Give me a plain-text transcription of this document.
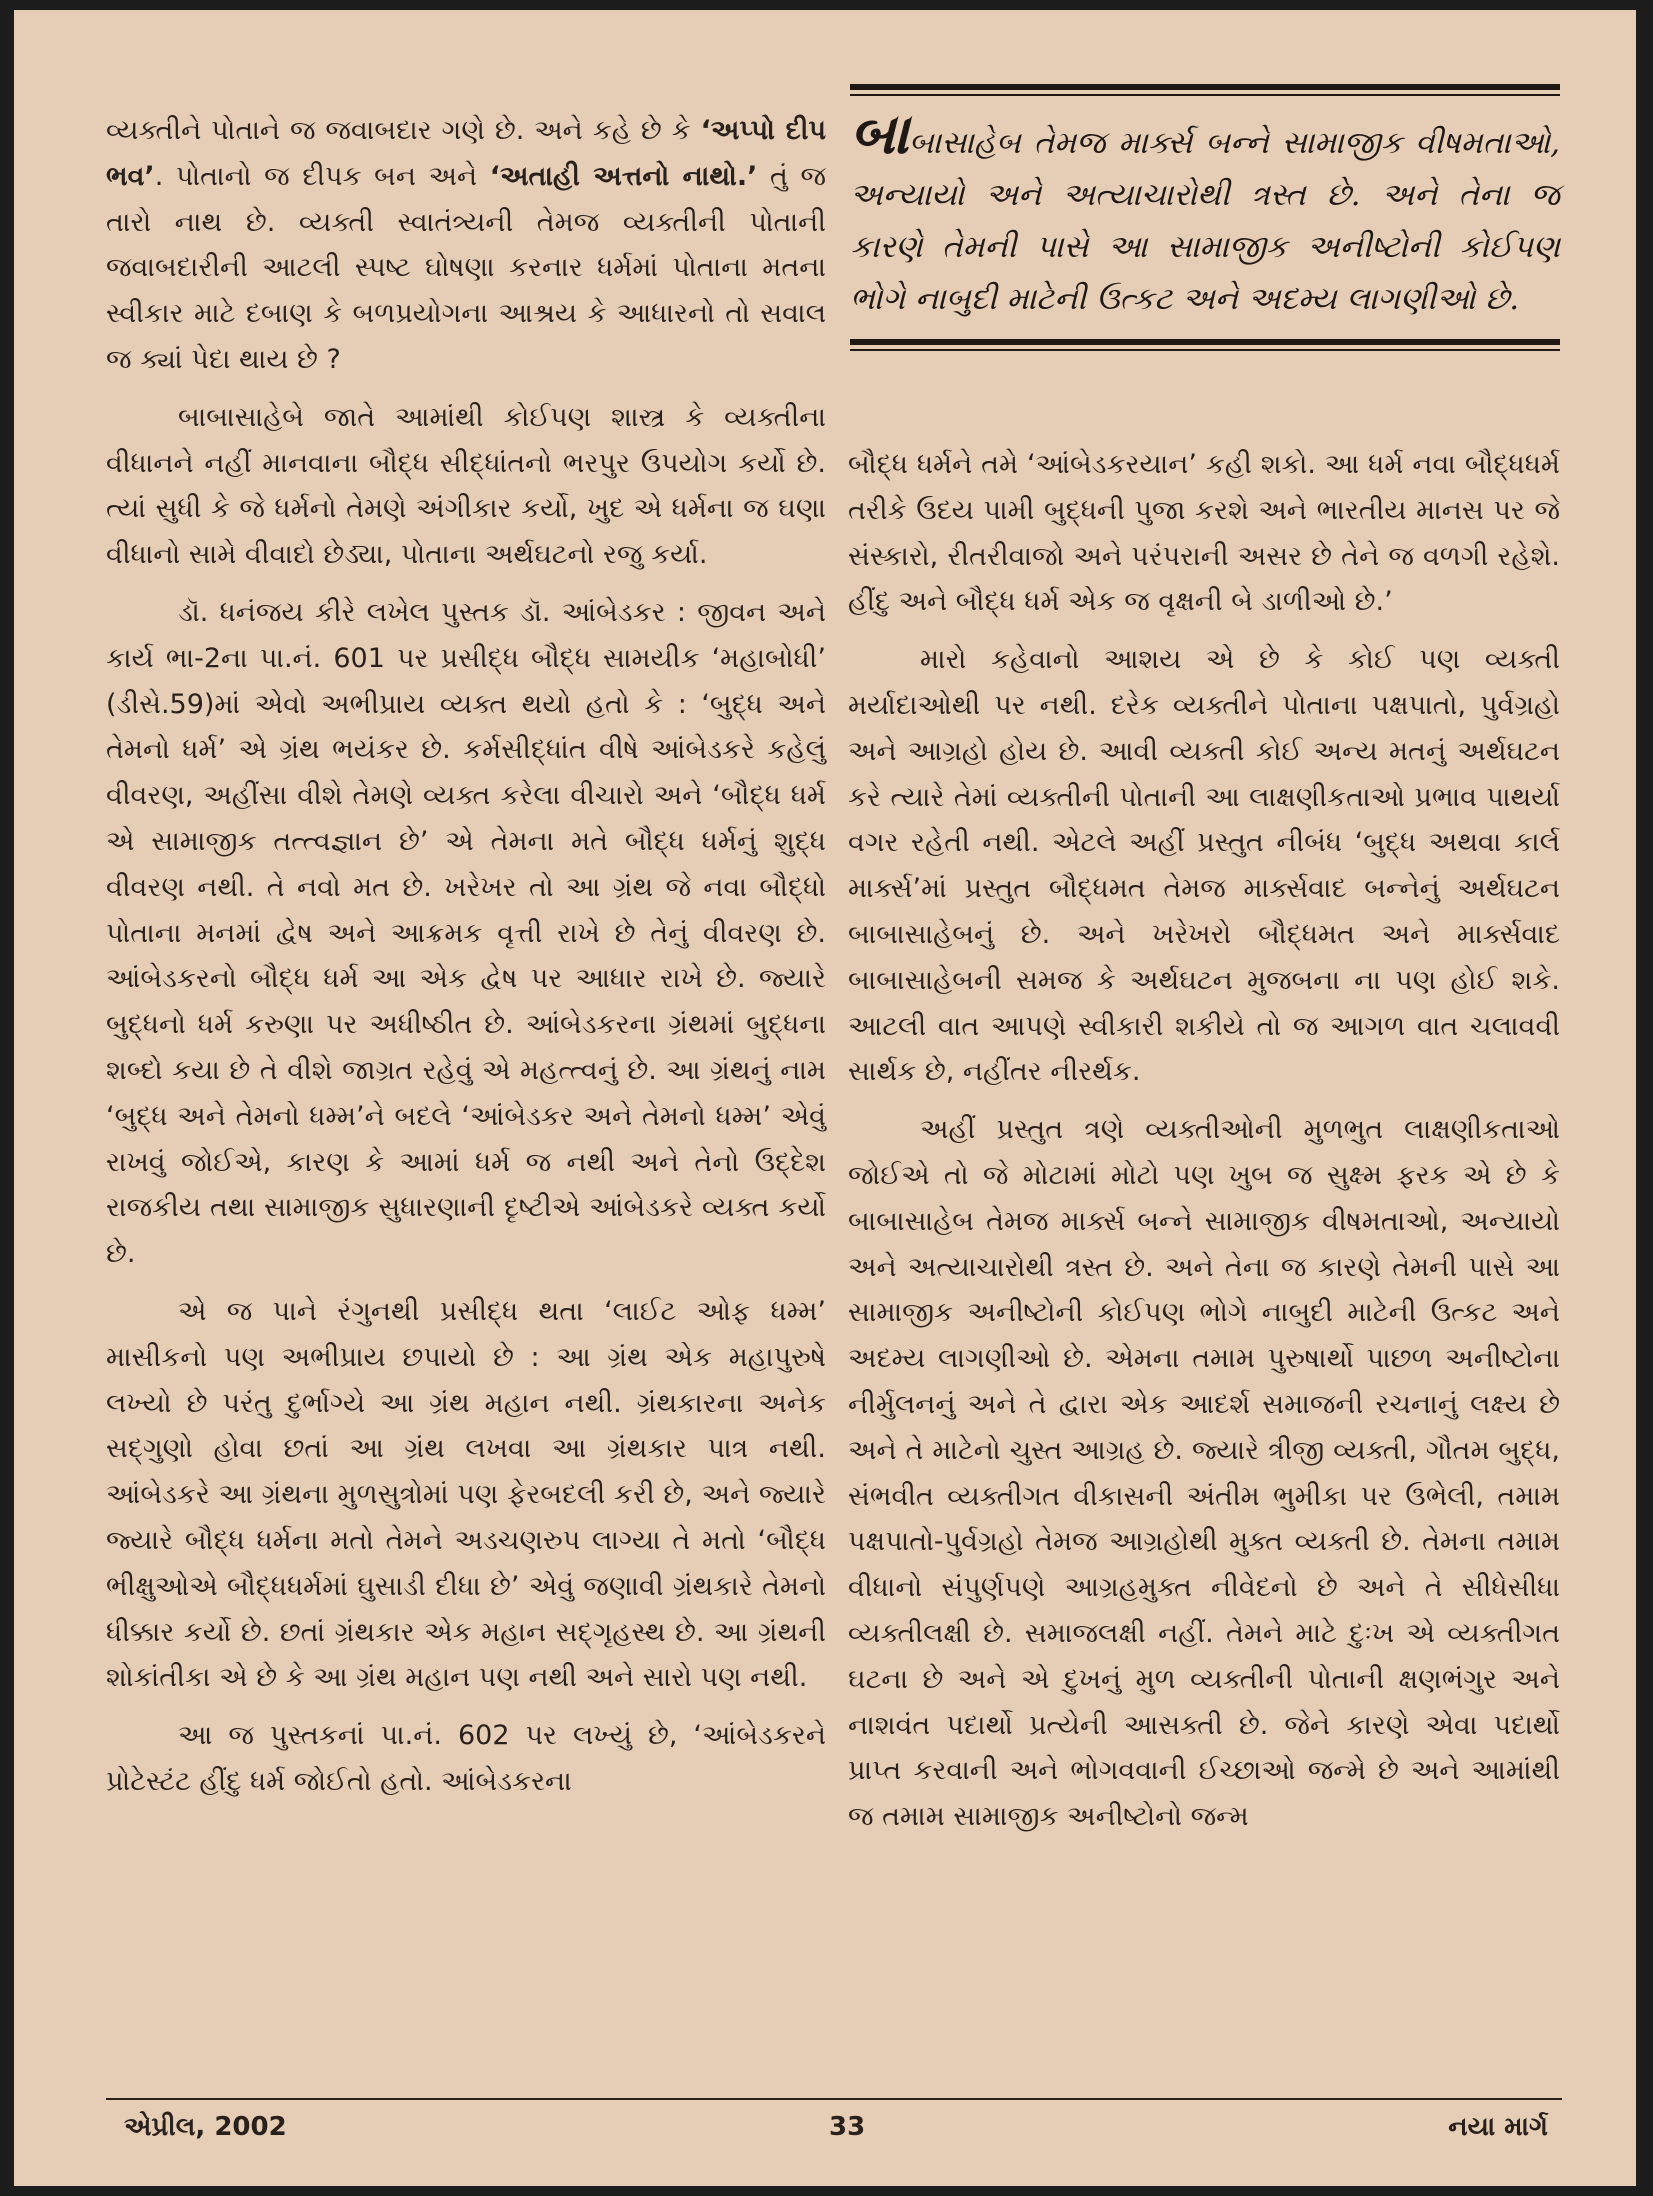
વ્યક્તીને પોતાને જ જવાબદાર ગણે છે. અને કહે છે કે ‘અપ્પો દીપ ભવ’. પોતાનો જ દીપક બન અને ‘અતાહી અત્તનો નાથો.’ તું જ તારો નાથ છે. વ્યક્તી સ્વાતંત્ર્યની તેમજ વ્યક્તીની પોતાની જવાબદારીની આટલી સ્પષ્ટ ઘોષણા કરનાર ધર્મમાં પોતાના મતના સ્વીકાર માટે દબાણ કે બળપ્રયોગના આશ્રય કે આધારનો તો સવાલ જ ક્યાં પેદા થાય છે ?

બાબાસાહેબે જાતે આમાંથી કોઈપણ શાસ્ત્ર કે વ્યક્તીના વીધાનને નહીં માનવાના બૌદ્ધ સીદ્ધાંતનો ભરપુર ઉપયોગ કર્યો છે. ત્યાં સુધી કે જે ધર્મનો તેમણે અંગીકાર કર્યો, ખુદ એ ધર્મના જ ઘણા વીધાનો સામે વીવાદો છેડ્યા, પોતાના અર્થઘટનો રજુ કર્યા.

ડૉ. ધનંજય કીરે લખેલ પુસ્તક ડૉ. આંબેડકર : જીવન અને કાર્ય ભા-2ના પા.નં. 601 પર પ્રસીદ્ધ બૌદ્ધ સામયીક ‘મહાબોધી’ (ડીસે.59)માં એવો અભીપ્રાય વ્યક્ત થયો હતો કે : ‘બુદ્ધ અને તેમનો ધર્મ’ એ ગ્રંથ ભયંકર છે. કર્મસીદ્ધાંત વીષે આંબેડકરે કહેલું વીવરણ, અહીંસા વીશે તેમણે વ્યક્ત કરેલા વીચારો અને ‘બૌદ્ધ ધર્મ એ સામાજીક તત્ત્વજ્ઞાન છે’ એ તેમના મતે બૌદ્ધ ધર્મનું શુદ્ધ વીવરણ નથી. તે નવો મત છે. ખરેખર તો આ ગ્રંથ જે નવા બૌદ્ધો પોતાના મનમાં દ્વેષ અને આક્રમક વૃત્તી રાખે છે તેનું વીવરણ છે. આંબેડકરનો બૌદ્ધ ધર્મ આ એક દ્વેષ પર આધાર રાખે છે. જ્યારે બુદ્ધનો ધર્મ કરુણા પર અધીષ્ઠીત છે. આંબેડકરના ગ્રંથમાં બુદ્ધના શબ્દો કયા છે તે વીશે જાગ્રત રહેવું એ મહત્ત્વનું છે. આ ગ્રંથનું નામ ‘બુદ્ધ અને તેમનો ધમ્મ’ને બદલે ‘આંબેડકર અને તેમનો ધમ્મ’ એવું રાખવું જોઈએ, કારણ કે આમાં ધર્મ જ નથી અને તેનો ઉદ્દેશ રાજકીય તથા સામાજીક સુધારણાની દૃષ્ટીએ આંબેડકરે વ્યક્ત કર્યો છે.

એ જ પાને રંગુનથી પ્રસીદ્ધ થતા ‘લાઈટ ઓફ ધમ્મ’ માસીકનો પણ અભીપ્રાય છપાયો છે : આ ગ્રંથ એક મહાપુરુષે લખ્યો છે પરંતુ દુર્ભાગ્યે આ ગ્રંથ મહાન નથી. ગ્રંથકારના અનેક સદ્‌ગુણો હોવા છતાં આ ગ્રંથ લખવા આ ગ્રંથકાર પાત્ર નથી. આંબેડકરે આ ગ્રંથના મુળસુત્રોમાં પણ ફેરબદલી કરી છે, અને જ્યારે જ્યારે બૌદ્ધ ધર્મના મતો તેમને અડચણરુપ લાગ્યા તે મતો ‘બૌદ્ધ ભીક્ષુઓએ બૌદ્ધધર્મમાં ઘુસાડી દીધા છે’ એવું જણાવી ગ્રંથકારે તેમનો ધીક્કાર કર્યો છે. છતાં ગ્રંથકાર એક મહાન સદ્‌ગૃહસ્થ છે. આ ગ્રંથની શોકાંતીકા એ છે કે આ ગ્રંથ મહાન પણ નથી અને સારો પણ નથી.

આ જ પુસ્તકનાં પા.નં. 602 પર લખ્યું છે, ‘આંબેડકરને પ્રોટેસ્ટંટ હીંદુ ધર્મ જોઈતો હતો. આંબેડકરના

બાબાસાહેબ તેમજ માર્ક્સ બન્ને સામાજીક વીષમતાઓ, અન્યાયો અને અત્યાચારોથી ત્રસ્ત છે. અને તેના જ કારણે તેમની પાસે આ સામાજીક અનીષ્ટોની કોઈપણ ભોગે નાબુદી માટેની ઉત્કટ અને અદમ્ય લાગણીઓ છે.

બૌદ્ધ ધર્મને તમે ‘આંબેડકરયાન’ કહી શકો. આ ધર્મ નવા બૌદ્ધધર્મ તરીકે ઉદય પામી બુદ્ધની પુજા કરશે અને ભારતીય માનસ પર જે સંસ્કારો, રીતરીવાજો અને પરંપરાની અસર છે તેને જ વળગી રહેશે. હીંદુ અને બૌદ્ધ ધર્મ એક જ વૃક્ષની બે ડાળીઓ છે.’

મારો કહેવાનો આશય એ છે કે કોઈ પણ વ્યક્તી મર્યાદાઓથી પર નથી. દરેક વ્યક્તીને પોતાના પક્ષપાતો, પુર્વગ્રહો અને આગ્રહો હોય છે. આવી વ્યક્તી કોઈ અન્ય મતનું અર્થઘટન કરે ત્યારે તેમાં વ્યક્તીની પોતાની આ લાક્ષણીકતાઓ પ્રભાવ પાથર્યા વગર રહેતી નથી. એટલે અહીં પ્રસ્તુત નીબંધ ‘બુદ્ધ અથવા કાર્લ માર્ક્સ’માં પ્રસ્તુત બૌદ્ધમત તેમજ માર્ક્સવાદ બન્નેનું અર્થઘટન બાબાસાહેબનું છે. અને ખરેખરો બૌદ્ધમત અને માર્ક્સવાદ બાબાસાહેબની સમજ કે અર્થઘટન મુજબના ના પણ હોઈ શકે. આટલી વાત આપણે સ્વીકારી શકીયે તો જ આગળ વાત ચલાવવી સાર્થક છે, નહીંતર નીરર્થક.

અહીં પ્રસ્તુત ત્રણે વ્યક્તીઓની મુળભુત લાક્ષણીકતાઓ જોઈએ તો જે મોટામાં મોટો પણ ખુબ જ સુક્ષ્મ ફરક એ છે કે બાબાસાહેબ તેમજ માર્ક્સ બન્ને સામાજીક વીષમતાઓ, અન્યાયો અને અત્યાચારોથી ત્રસ્ત છે. અને તેના જ કારણે તેમની પાસે આ સામાજીક અનીષ્ટોની કોઈપણ ભોગે નાબુદી માટેની ઉત્કટ અને અદમ્ય લાગણીઓ છે. એમના તમામ પુરુષાર્થો પાછળ અનીષ્ટોના નીર્મુલનનું અને તે દ્વારા એક આદર્શ સમાજની રચનાનું લક્ષ્ય છે અને તે માટેનો ચુસ્ત આગ્રહ છે. જ્યારે ત્રીજી વ્યક્તી, ગૌતમ બુદ્ધ, સંભવીત વ્યક્તીગત વીકાસની અંતીમ ભુમીકા પર ઉભેલી, તમામ પક્ષપાતો-પુર્વગ્રહો તેમજ આગ્રહોથી મુક્ત વ્યક્તી છે. તેમના તમામ વીધાનો સંપુર્ણપણે આગ્રહમુક્ત નીવેદનો છે અને તે સીધેસીધા વ્યક્તીલક્ષી છે. સમાજલક્ષી નહીં. તેમને માટે દુઃખ એ વ્યક્તીગત ઘટના છે અને એ દુખનું મુળ વ્યક્તીની પોતાની ક્ષણભંગુર અને નાશવંત પદાર્થો પ્રત્યેની આસક્તી છે. જેને કારણે એવા પદાર્થો પ્રાપ્ત કરવાની અને ભોગવવાની ઈચ્છાઓ જન્મે છે અને આમાંથી જ તમામ સામાજીક અનીષ્ટોનો જન્મ

એપ્રીલ, 2002	33	નયા માર્ગ
